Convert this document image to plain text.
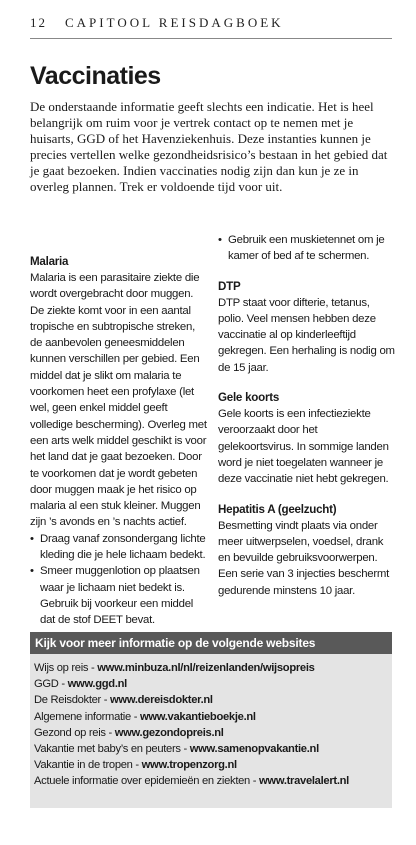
12 CAPITOOL REISDAGBOEK
Vaccinaties

De onderstaande informatie geeft slechts een indicatie. Het is heel belangrijk om ruim voor je vertrek contact op te nemen met je huisarts, GGD of het Havenziekenhuis. Deze instanties kunnen je precies vertellen welke gezondheidsrisico’s bestaan in het gebied dat je gaat bezoeken. Indien vaccinaties nodig zijn dan kun je ze in overleg plannen. Trek er voldoende tijd voor uit.

Malaria

Malaria is een parasitaire ziekte die wordt overgebracht door muggen. De ziekte komt voor in een aantal tropische en subtropische streken, de aanbevolen geneesmiddelen kunnen verschillen per gebied. Een middel dat je slikt om malaria te voorkomen heet een profylaxe (let wel, geen enkel middel geeft volledige bescherming). Overleg met een arts welk middel geschikt is voor het land dat je gaat bezoeken. Door te voorkomen dat je wordt gebeten door muggen maak je het risico op malaria al een stuk kleiner. Muggen zijn ’s avonds en ’s nachts actief.

• Draag vanaf zonsondergang lichte kleding die je hele lichaam bedekt.
• Smeer muggenlotion op plaatsen waar je lichaam niet bedekt is. Gebruik bij voorkeur een middel dat de stof DEET bevat.
• Gebruik een muskietennet om je kamer of bed af te schermen.
DTP

DTP staat voor difterie, tetanus, polio. Veel mensen hebben deze vaccinatie al op kinderleeftijd gekregen. Een herhaling is nodig om de 15 jaar.

Gele koorts

Gele koorts is een infectieziekte veroorzaakt door het gelekoortsvirus. In sommige landen word je niet toegelaten wanneer je deze vaccinatie niet hebt gekregen.

Hepatitis A (geelzucht)

Besmetting vindt plaats via onder meer uitwerpselen, voedsel, drank en bevuilde gebruiksvoorwerpen. Een serie van 3 injecties beschermt gedurende minstens 10 jaar.

Kijk voor meer informatie op de volgende websites
Wijs op reis - www.minbuza.nl/nl/reizenlanden/wijsopreis
GGD - www.ggd.nl
De Reisdokter - www.dereisdokter.nl
Algemene informatie - www.vakantieboekje.nl
Gezond op reis - www.gezondopreis.nl
Vakantie met baby’s en peuters - www.samenopvakantie.nl
Vakantie in de tropen - www.tropenzorg.nl
Actuele informatie over epidemieën en ziekten - www.travelalert.nl
